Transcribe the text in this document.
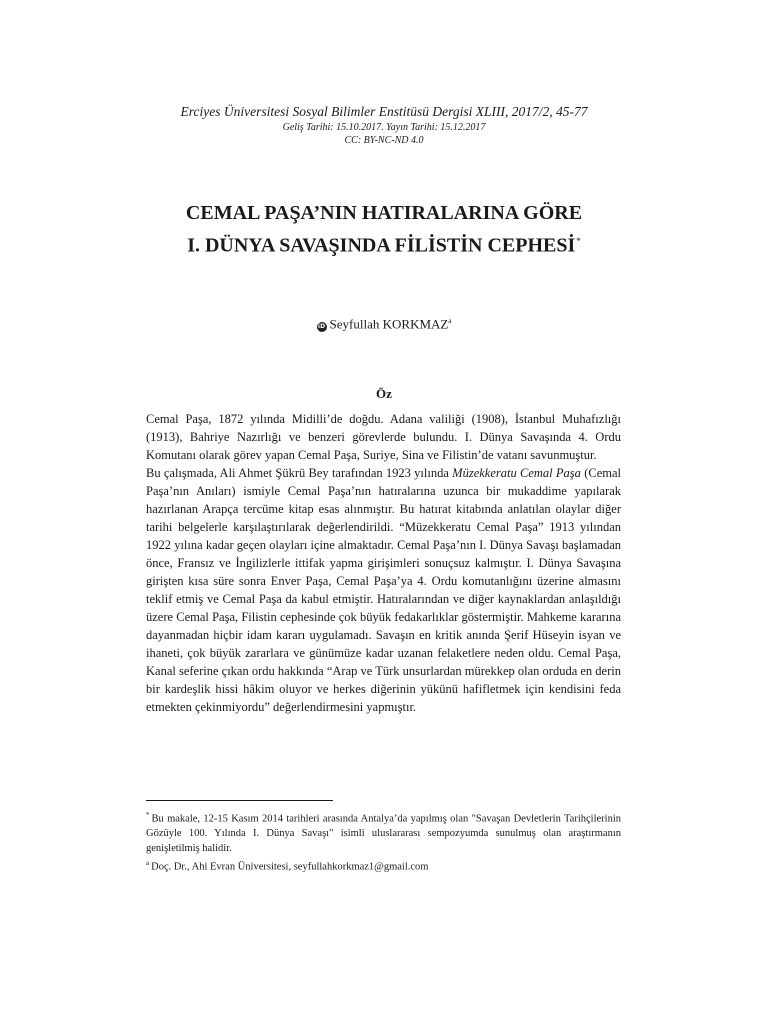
Erciyes Üniversitesi Sosyal Bilimler Enstitüsü Dergisi XLIII, 2017/2, 45-77
Geliş Tarihi: 15.10.2017. Yayın Tarihi: 15.12.2017
CC: BY-NC-ND 4.0
CEMAL PAŞA’NIN HATIRALARINA GÖRE
I. DÜNYA SAVAŞINDA FİLİSTİN CEPHESİ*
iD Seyfullah KORKMAZ$^a$
Öz

Cemal Paşa, 1872 yılında Midilli’de doğdu. Adana valiliği (1908), İstanbul Muhafızlığı (1913), Bahriye Nazırlığı ve benzeri görevlerde bulundu. I. Dünya Savaşında 4. Ordu Komutanı olarak görev yapan Cemal Paşa, Suriye, Sina ve Filistin’de vatanı savunmuştur.

Bu çalışmada, Ali Ahmet Şükrü Bey tarafından 1923 yılında Müzekkeratu Cemal Paşa (Cemal Paşa’nın Anıları) ismiyle Cemal Paşa’nın hatıralarına uzunca bir mukaddime yapılarak hazırlanan Arapça tercüme kitap esas alınmıştır. Bu hatırat kitabında anlatılan olaylar diğer tarihi belgelerle karşılaştırılarak değerlendirildi. “Müzekkeratu Cemal Paşa” 1913 yılından 1922 yılına kadar geçen olayları içine almaktadır. Cemal Paşa’nın I. Dünya Savaşı başlamadan önce, Fransız ve İngilizlerle ittifak yapma girişimleri sonuçsuz kalmıştır. I. Dünya Savaşına girişten kısa süre sonra Enver Paşa, Cemal Paşa’ya 4. Ordu komutanlığını üzerine almasını teklif etmiş ve Cemal Paşa da kabul etmiştir. Hatıralarından ve diğer kaynaklardan anlaşıldığı üzere Cemal Paşa, Filistin cephesinde çok büyük fedakarlıklar göstermiştir. Mahkeme kararına dayanmadan hiçbir idam kararı uygulamadı. Savaşın en kritik anında Şerif Hüseyin isyan ve ihaneti, çok büyük zararlara ve günümüze kadar uzanan felaketlere neden oldu. Cemal Paşa, Kanal seferine çıkan ordu hakkında “Arap ve Türk unsurlardan mürekkep olan orduda en derin bir kardeşlik hissi hâkim oluyor ve herkes diğerinin yükünü hafifletmek için kendisini feda etmekten çekinmiyordu” değerlendirmesini yapmıştır.

* Bu makale, 12-15 Kasım 2014 tarihleri arasında Antalya’da yapılmış olan "Savaşan Devletlerin Tarihçilerinin Gözüyle 100. Yılında I. Dünya Savaşı" isimli uluslararası sempozyumda sunulmuş olan araştırmanın genişletilmiş halidir.

$^a$ Doç. Dr., Ahi Evran Üniversitesi, seyfullahkorkmaz1@gmail.com
